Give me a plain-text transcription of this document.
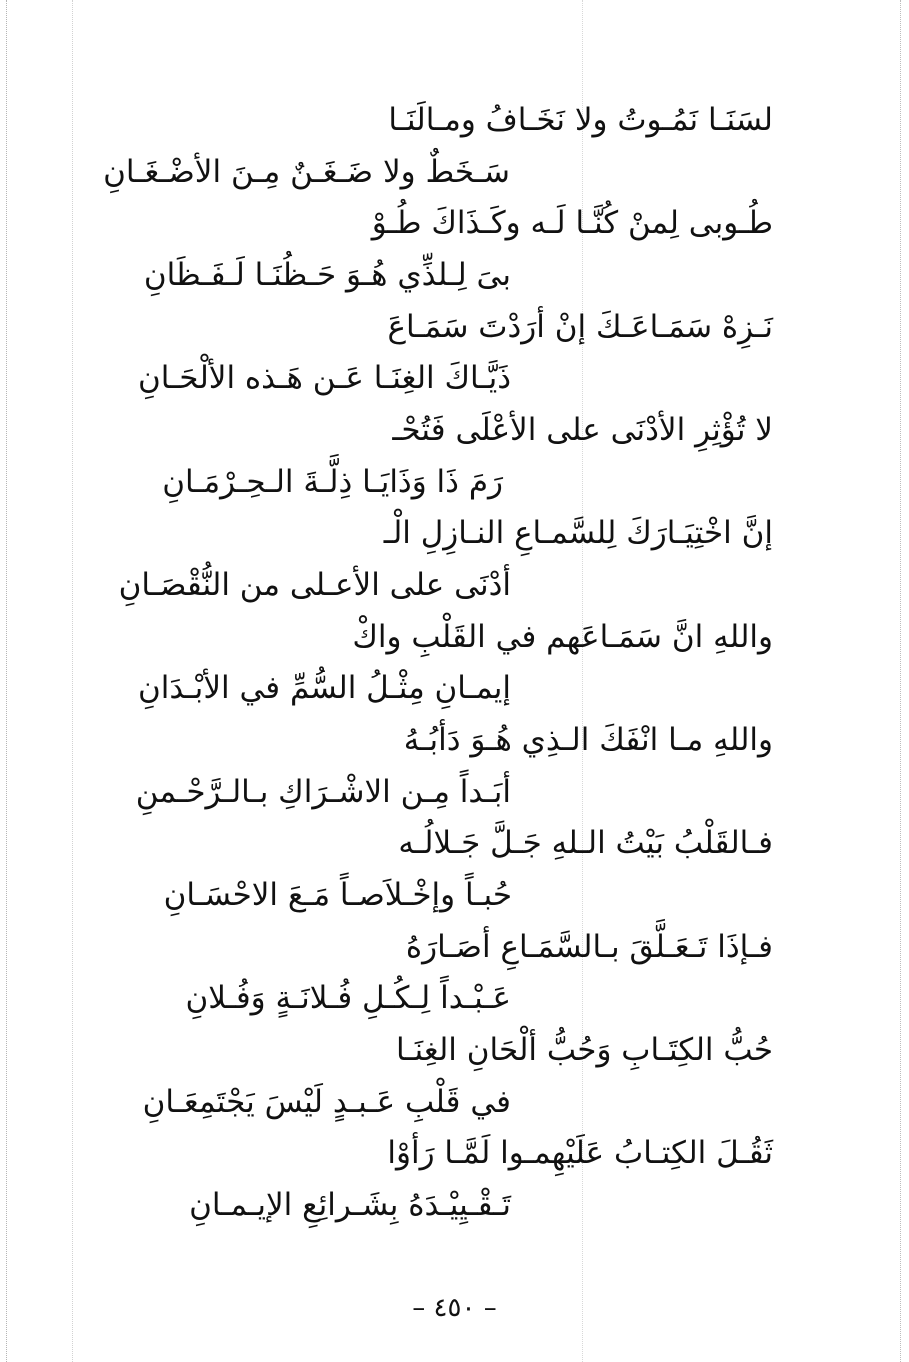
لسَنَـا نَمُـوتُ ولا نَخَـافُ ومـالَنَـا
سَـخَطٌ ولا ضَـغَـنٌ مِـنَ الأضْـغَـانِ
طُـوبى لِمنْ كُنَّـا لَـه وكَـذَاكَ طُـوْ
بىَ لِـلذِّي هُـوَ حَـظُنَـا لَـفَـظَانِ
نَـزِهْ سَمَـاعَـكَ إنْ أرَدْتَ سَمَـاعَ
ذَيَّـاكَ الغِنَـا عَـن هَـذه الألْحَـانِ
لا تُؤْثِرِ الأدْنَى على الأعْلَى فَتُحْـ
رَمَ ذَا وَذَايَـا ذِلَّـةَ الـحِـرْمَـانِ
إنَّ اخْتِيَـارَكَ لِلسَّمـاعِ النـازِلِ الْـ
أدْنَى على الأعـلى من النُّقْصَـانِ
واللهِ انَّ سَمَـاعَهم في القَلْبِ واكْ
إيمـانِ مِثْـلُ السُّمِّ في الأبْـدَانِ
واللهِ مـا انْفَكَ الـذِي هُـوَ دَأبُـهُ
أبَـداً مِـن الاشْـرَاكِ بـالـرَّحْـمنِ
فـالقَلْبُ بَيْتُ الـلهِ جَـلَّ جَـلالُـه
حُبـاً وإخْـلاَصـاً مَـعَ الاحْسَـانِ
فـإذَا تَـعَـلَّقَ بـالسَّمَـاعِ أصَـارَهُ
عَـبْـداً لِـكُـلِ فُـلانَـةٍ وَفُـلانِ
حُبُّ الكِتَـابِ وَحُبُّ ألْحَانِ الغِنَـا
في قَلْبِ عَـبـدٍ لَيْسَ يَجْتَمِعَـانِ
ثَقُـلَ الكِتـابُ عَلَيْهِمـوا لَمَّـا رَأوْا
تَـقْـيِيْـدَهُ بِشَـرائِعِ الإيـمـانِ
– ٤٥٠ –
